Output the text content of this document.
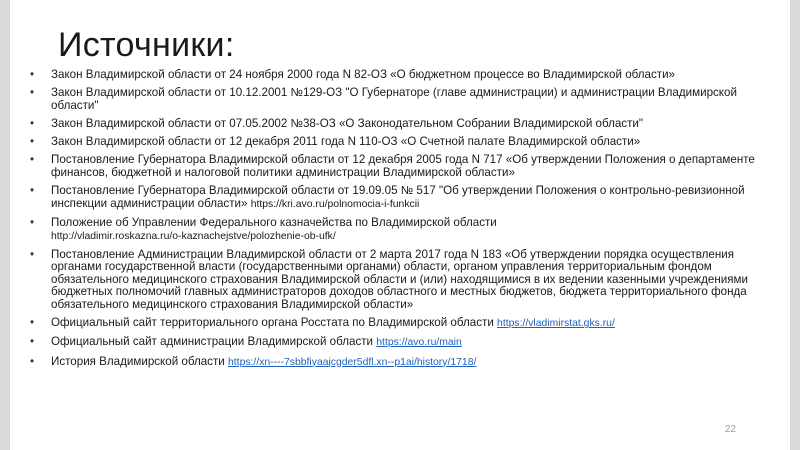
Источники:
• Закон Владимирской области от 24 ноября 2000 года N 82-ОЗ «О бюджетном процессе во Владимирской области»
• Закон Владимирской области от 10.12.2001 №129-ОЗ "О Губернаторе (главе администрации) и администрации Владимирской области"
• Закон Владимирской области от 07.05.2002 №38-ОЗ «О Законодательном Собрании Владимирской области"
• Закон Владимирской области от 12 декабря 2011 года N 110-ОЗ «О Счетной палате Владимирской области»
• Постановление Губернатора Владимирской области от 12 декабря 2005 года N 717 «Об утверждении Положения о департаменте финансов, бюджетной и налоговой политики администрации Владимирской области»
• Постановление Губернатора Владимирской области от 19.09.05 № 517 "Об утверждении Положения о контрольно-ревизионной инспекции администрации области» https://kri.avo.ru/polnomocia-i-funkcii
• Положение об Управлении Федерального казначейства по Владимирской области
http://vladimir.roskazna.ru/o-kaznachejstve/polozhenie-ob-ufk/
• Постановление Администрации Владимирской области от 2 марта 2017 года N 183 «Об утверждении порядка осуществления органами государственной власти (государственными органами) области, органом управления территориальным фондом обязательного медицинского страхования Владимирской области и (или) находящимися в их ведении казенными учреждениями бюджетных полномочий главных администраторов доходов областного и местных бюджетов, бюджета территориального фонда обязательного медицинского страхования Владимирской области»
• Официальный сайт территориального органа Росстата по Владимирской области https://vladimirstat.gks.ru/
• Официальный сайт администрации Владимирской области https://avo.ru/main
• История Владимирской области https://xn----7sbbfiyaajcgder5dfl.xn--p1ai/history/1718/
22
